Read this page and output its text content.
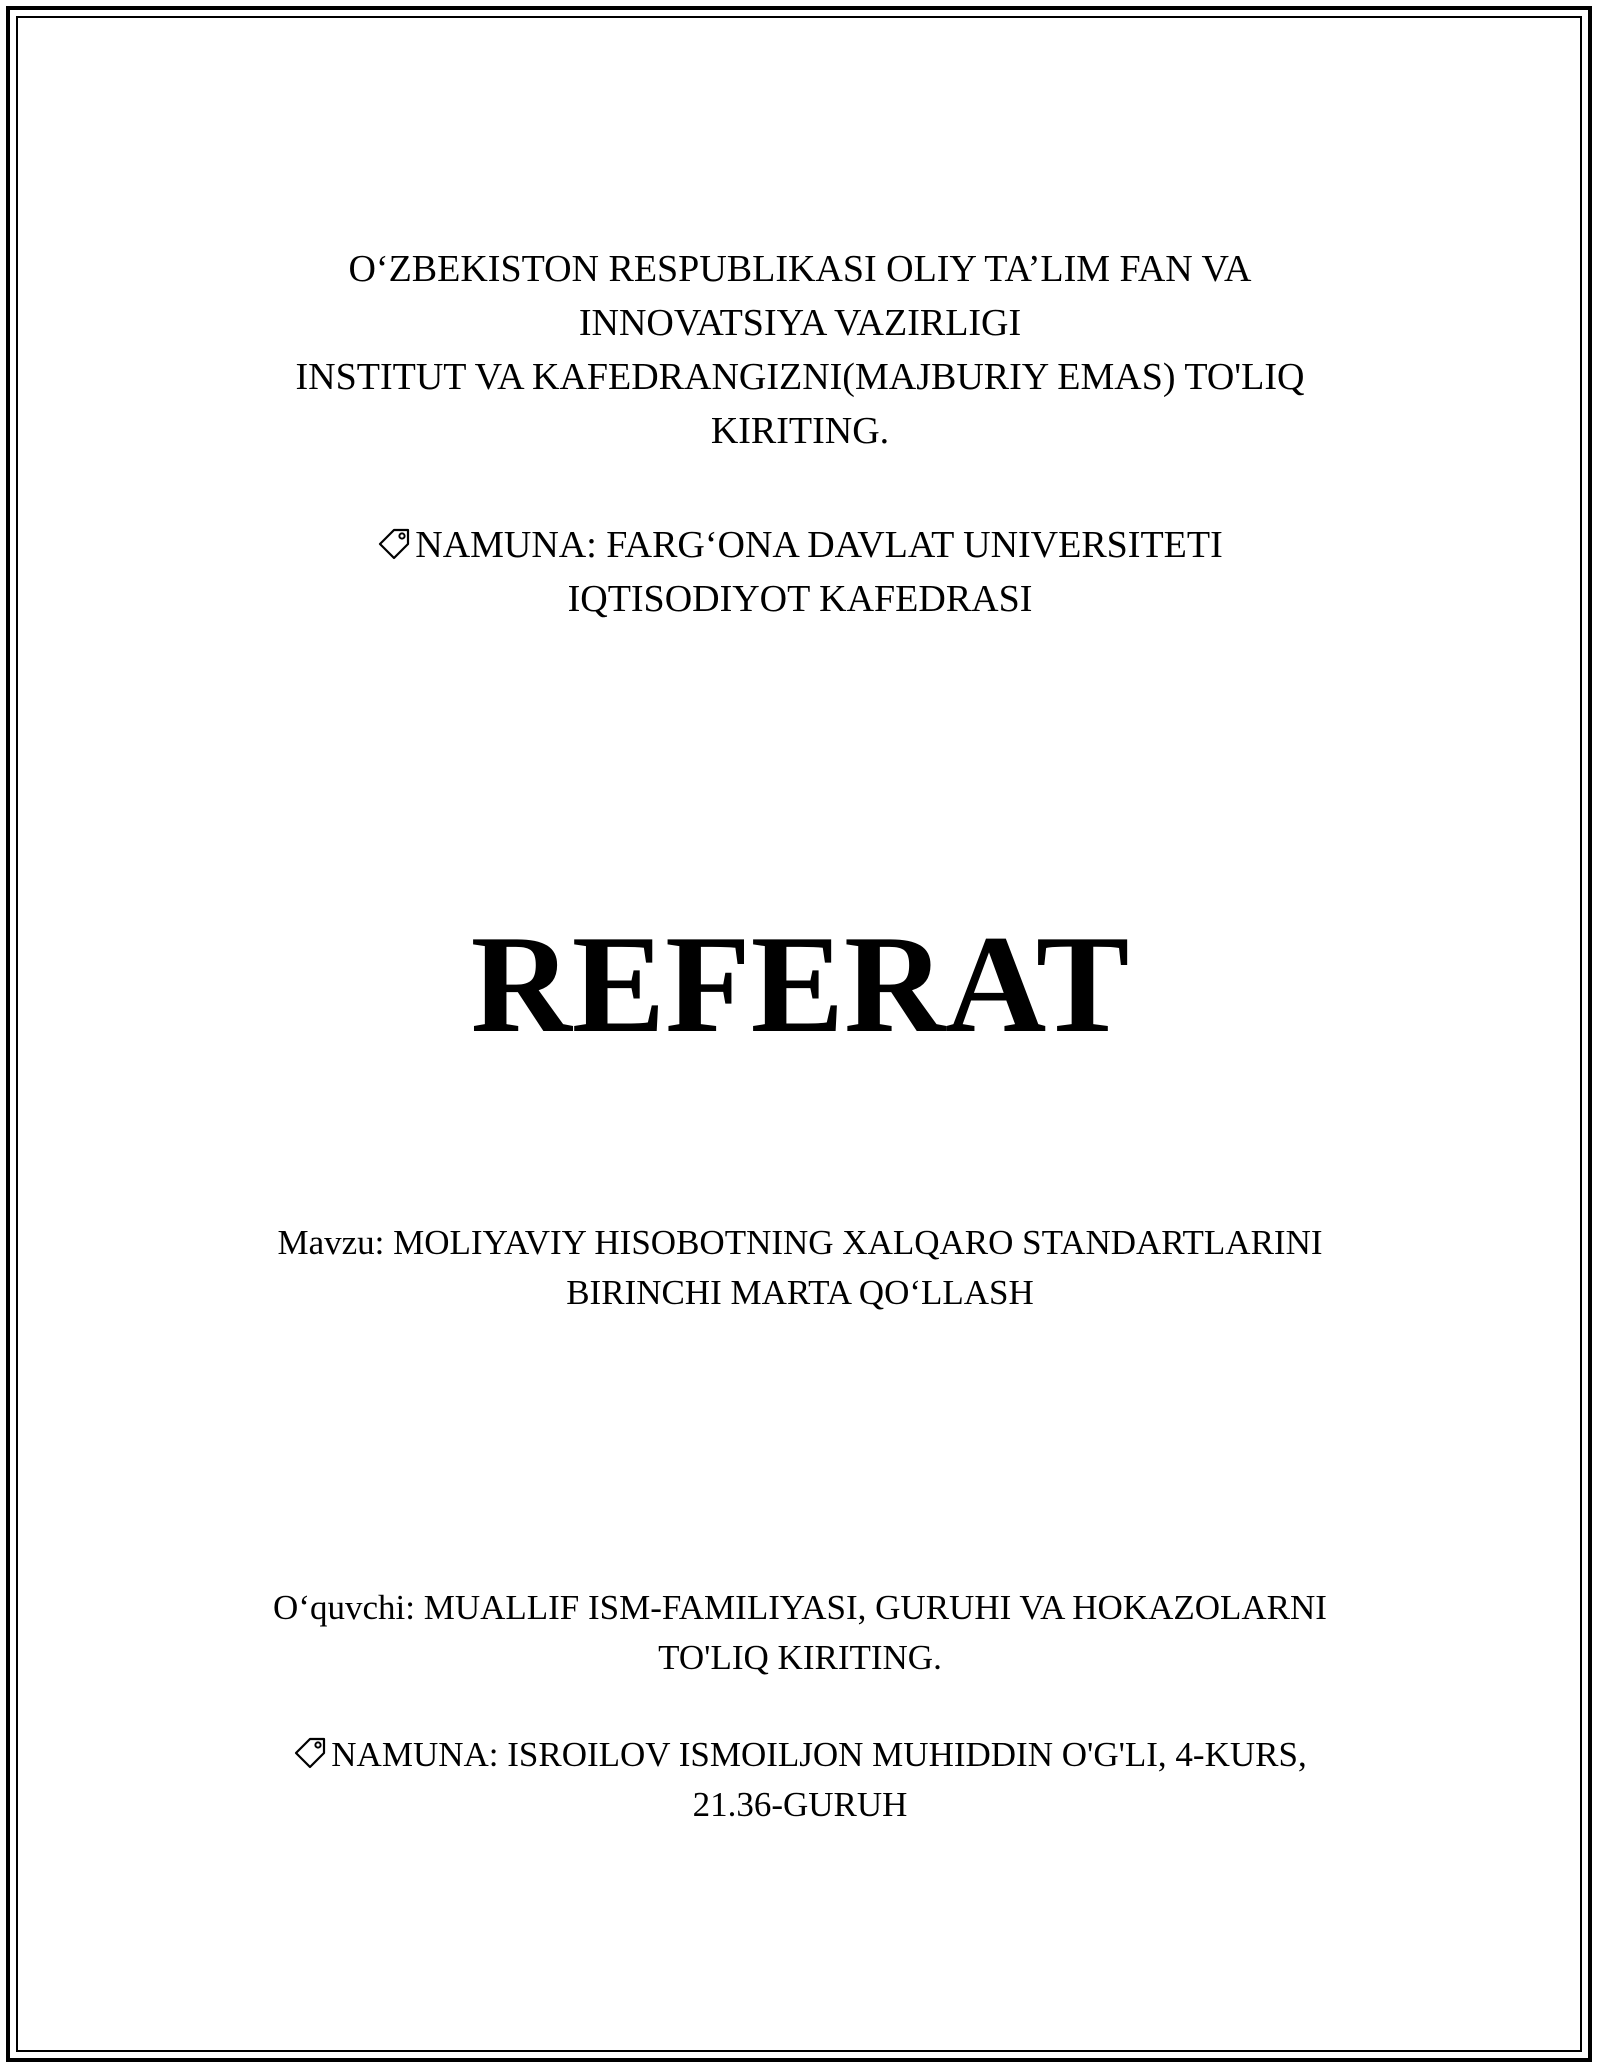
O‘ZBEKISTON RESPUBLIKASI OLIY TA’LIM FAN VA
INNOVATSIYA VAZIRLIGI
INSTITUT VA KAFEDRANGIZNI(MAJBURIY EMAS) TO'LIQ
KIRITING.
NAMUNA: FARG‘ONA DAVLAT UNIVERSITETI
IQTISODIYOT KAFEDRASI
REFERAT
Mavzu: MOLIYAVIY HISOBOTNING XALQARO STANDARTLARINI
BIRINCHI MARTA QO‘LLASH
O‘quvchi: MUALLIF ISM-FAMILIYASI, GURUHI VA HOKAZOLARNI
TO'LIQ KIRITING.
NAMUNA: ISROILOV ISMOILJON MUHIDDIN O'G'LI, 4-KURS,
21.36-GURUH
